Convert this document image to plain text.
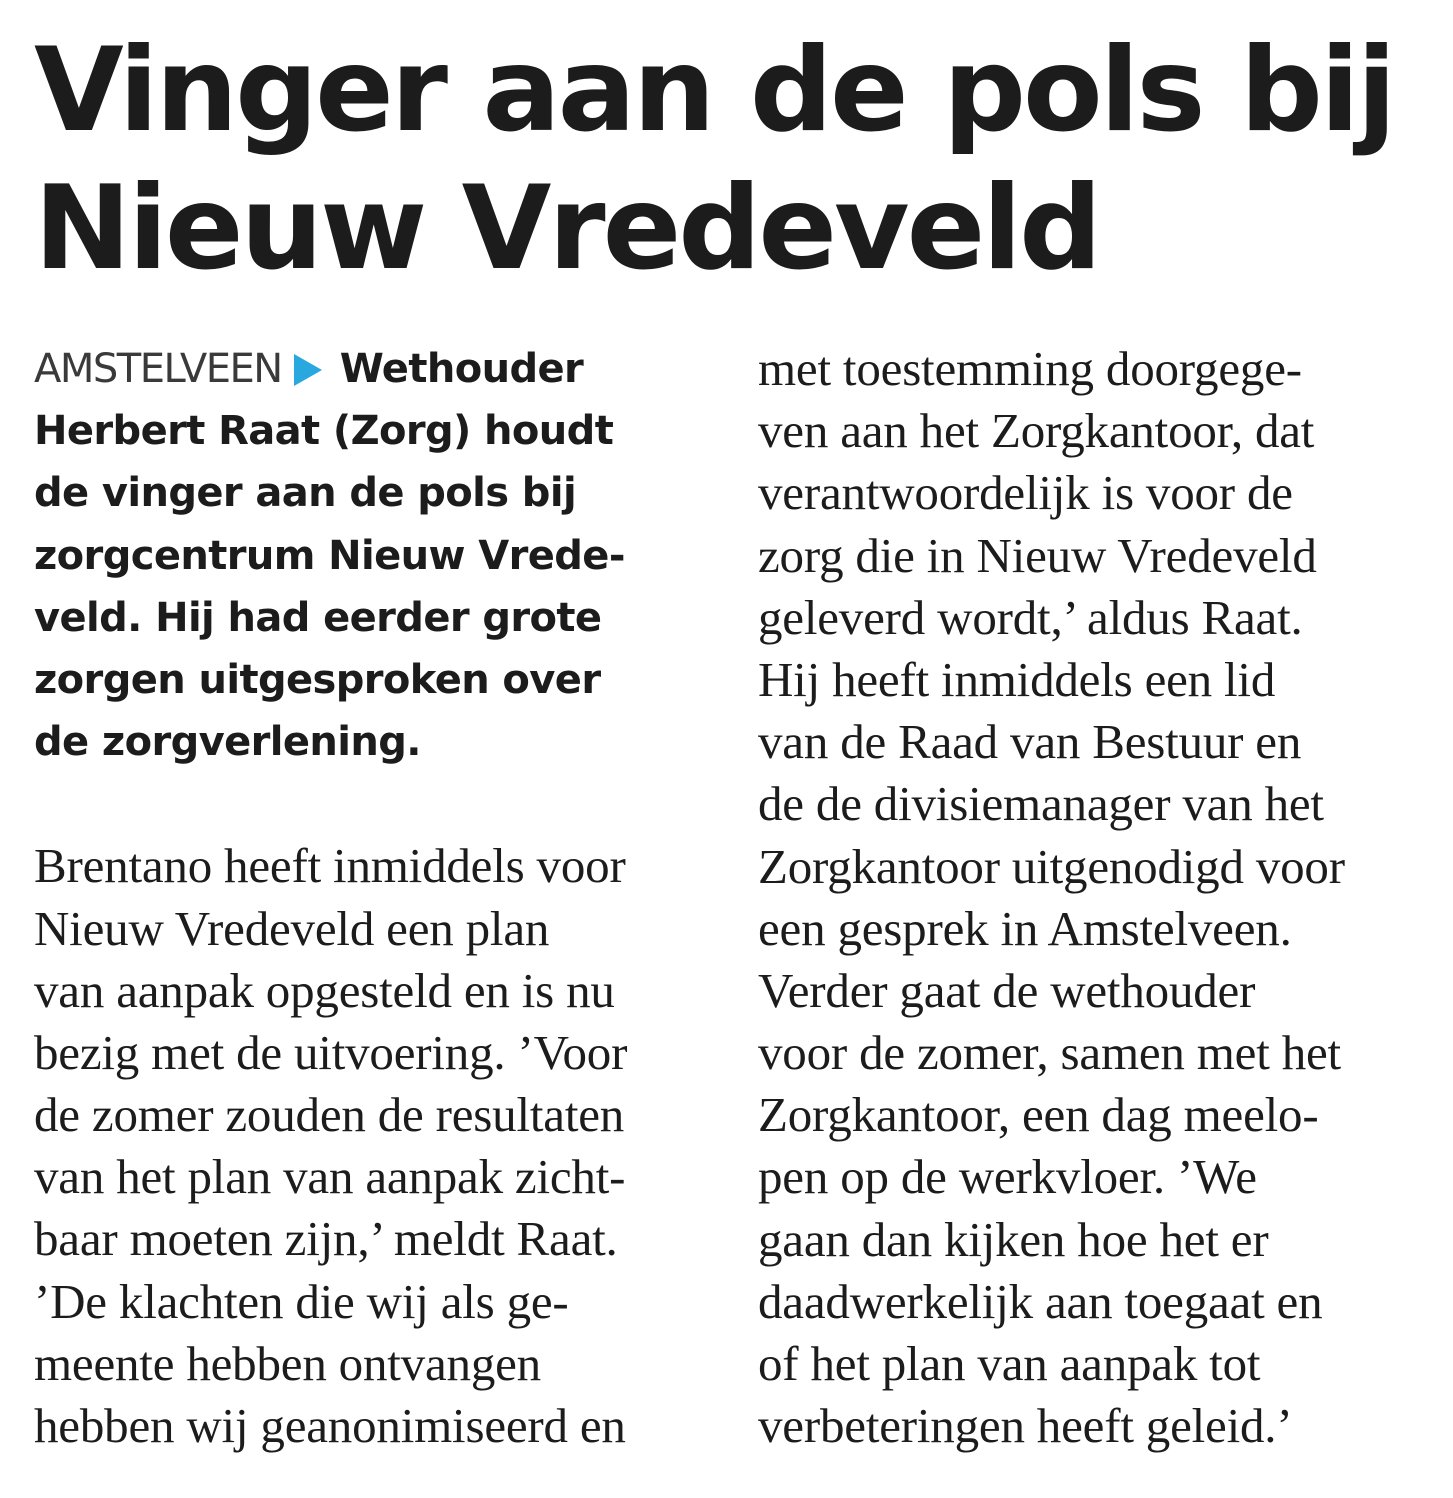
Vinger aan de pols bij
Nieuw Vredeveld
AMSTELVEEN Wethouder
Herbert Raat (Zorg) houdt
de vinger aan de pols bij
zorgcentrum Nieuw Vrede-
veld. Hij had eerder grote
zorgen uitgesproken over
de zorgverlening.
Brentano heeft inmiddels voor
Nieuw Vredeveld een plan
van aanpak opgesteld en is nu
bezig met de uitvoering. ’Voor
de zomer zouden de resultaten
van het plan van aanpak zicht-
baar moeten zijn,’ meldt Raat.
’De klachten die wij als ge-
meente hebben ontvangen
hebben wij geanonimiseerd en
met toestemming doorgege-
ven aan het Zorgkantoor, dat
verantwoordelijk is voor de
zorg die in Nieuw Vredeveld
geleverd wordt,’ aldus Raat.
Hij heeft inmiddels een lid
van de Raad van Bestuur en
de de divisiemanager van het
Zorgkantoor uitgenodigd voor
een gesprek in Amstelveen.
Verder gaat de wethouder
voor de zomer, samen met het
Zorgkantoor, een dag meelo-
pen op de werkvloer. ’We
gaan dan kijken hoe het er
daadwerkelijk aan toegaat en
of het plan van aanpak tot
verbeteringen heeft geleid.’
